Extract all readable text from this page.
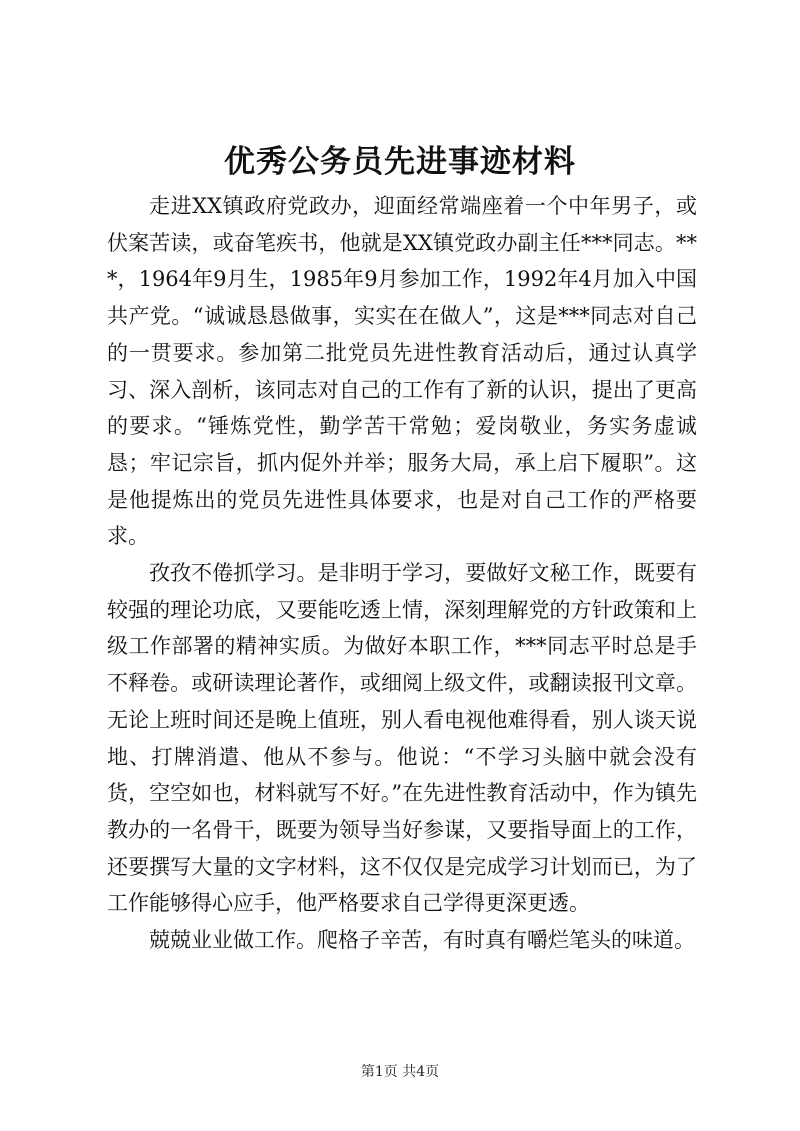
优秀公务员先进事迹材料

走进XX镇政府党政办，迎面经常端座着一个中年男子，或伏案苦读，或奋笔疾书，他就是XX镇党政办副主任***同志。***，1964年9月生，1985年9月参加工作，1992年4月加入中国共产党。“诚诚恳恳做事，实实在在做人”，这是***同志对自己的一贯要求。参加第二批党员先进性教育活动后，通过认真学习、深入剖析，该同志对自己的工作有了新的认识，提出了更高的要求。“锤炼党性，勤学苦干常勉；爱岗敬业，务实务虚诚恳；牢记宗旨，抓内促外并举；服务大局，承上启下履职”。这是他提炼出的党员先进性具体要求，也是对自己工作的严格要求。

孜孜不倦抓学习。是非明于学习，要做好文秘工作，既要有较强的理论功底，又要能吃透上情，深刻理解党的方针政策和上级工作部署的精神实质。为做好本职工作，***同志平时总是手不释卷。或研读理论著作，或细阅上级文件，或翻读报刊文章。无论上班时间还是晚上值班，别人看电视他难得看，别人谈天说地、打牌消遣、他从不参与。他说：“不学习头脑中就会没有货，空空如也，材料就写不好。”在先进性教育活动中，作为镇先教办的一名骨干，既要为领导当好参谋，又要指导面上的工作，还要撰写大量的文字材料，这不仅仅是完成学习计划而已，为了工作能够得心应手，他严格要求自己学得更深更透。

兢兢业业做工作。爬格子辛苦，有时真有嚼烂笔头的味道。

第1页 共4页
